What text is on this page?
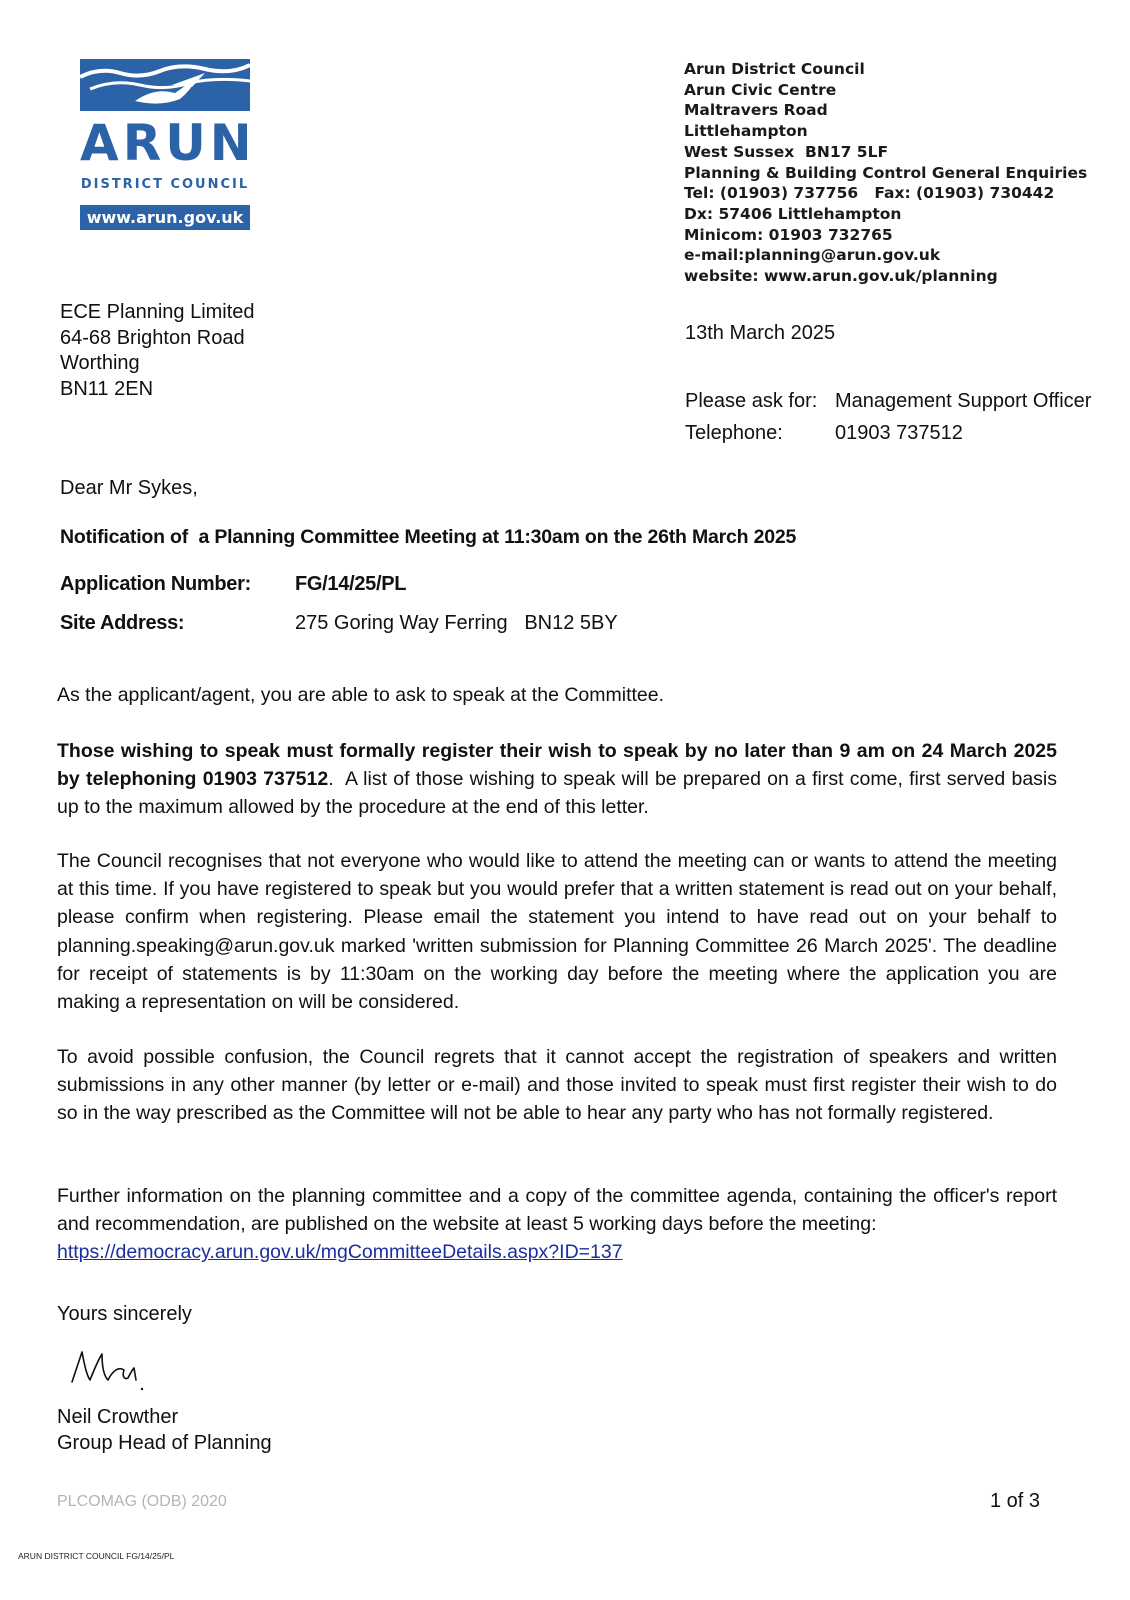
ARUN
DISTRICT COUNCIL
www.arun.gov.uk
Arun District Council
Arun Civic Centre
Maltravers Road
Littlehampton
West Sussex  BN17 5LF
Planning & Building Control General Enquiries
Tel: (01903) 737756   Fax: (01903) 730442
Dx: 57406 Littlehampton
Minicom: 01903 732765
e-mail:planning@arun.gov.uk
website: www.arun.gov.uk/planning
ECE Planning Limited
64-68 Brighton Road
Worthing
BN11 2EN
13th March 2025
Please ask for: Management Support Officer
Telephone:	01903 737512
Dear Mr Sykes,
Notification of  a Planning Committee Meeting at 11:30am on the 26th March 2025
Application Number:	FG/14/25/PL
Site Address:	275 Goring Way Ferring   BN12 5BY
As the applicant/agent, you are able to ask to speak at the Committee.
Those wishing to speak must formally register their wish to speak by no later than 9 am on 24 March 2025 by telephoning 01903 737512.  A list of those wishing to speak will be prepared on a first come, first served basis up to the maximum allowed by the procedure at the end of this letter.
The Council recognises that not everyone who would like to attend the meeting can or wants to attend the meeting at this time. If you have registered to speak but you would prefer that a written statement is read out on your behalf, please confirm when registering. Please email the statement you intend to have read out on your behalf to planning.speaking@arun.gov.uk marked 'written submission for Planning Committee 26 March 2025'. The deadline for receipt of statements is by 11:30am on the working day before the meeting where the application you are making a representation on will be considered.
To avoid possible confusion, the Council regrets that it cannot accept the registration of speakers and written submissions in any other manner (by letter or e-mail) and those invited to speak must first register their wish to do so in the way prescribed as the Committee will not be able to hear any party who has not formally registered.
Further information on the planning committee and a copy of the committee agenda, containing the officer's report and recommendation, are published on the website at least 5 working days before the meeting:
https://democracy.arun.gov.uk/mgCommitteeDetails.aspx?ID=137
Yours sincerely
Neil Crowther
Group Head of Planning
PLCOMAG (ODB) 2020	1 of 3
ARUN DISTRICT COUNCIL FG/14/25/PL
